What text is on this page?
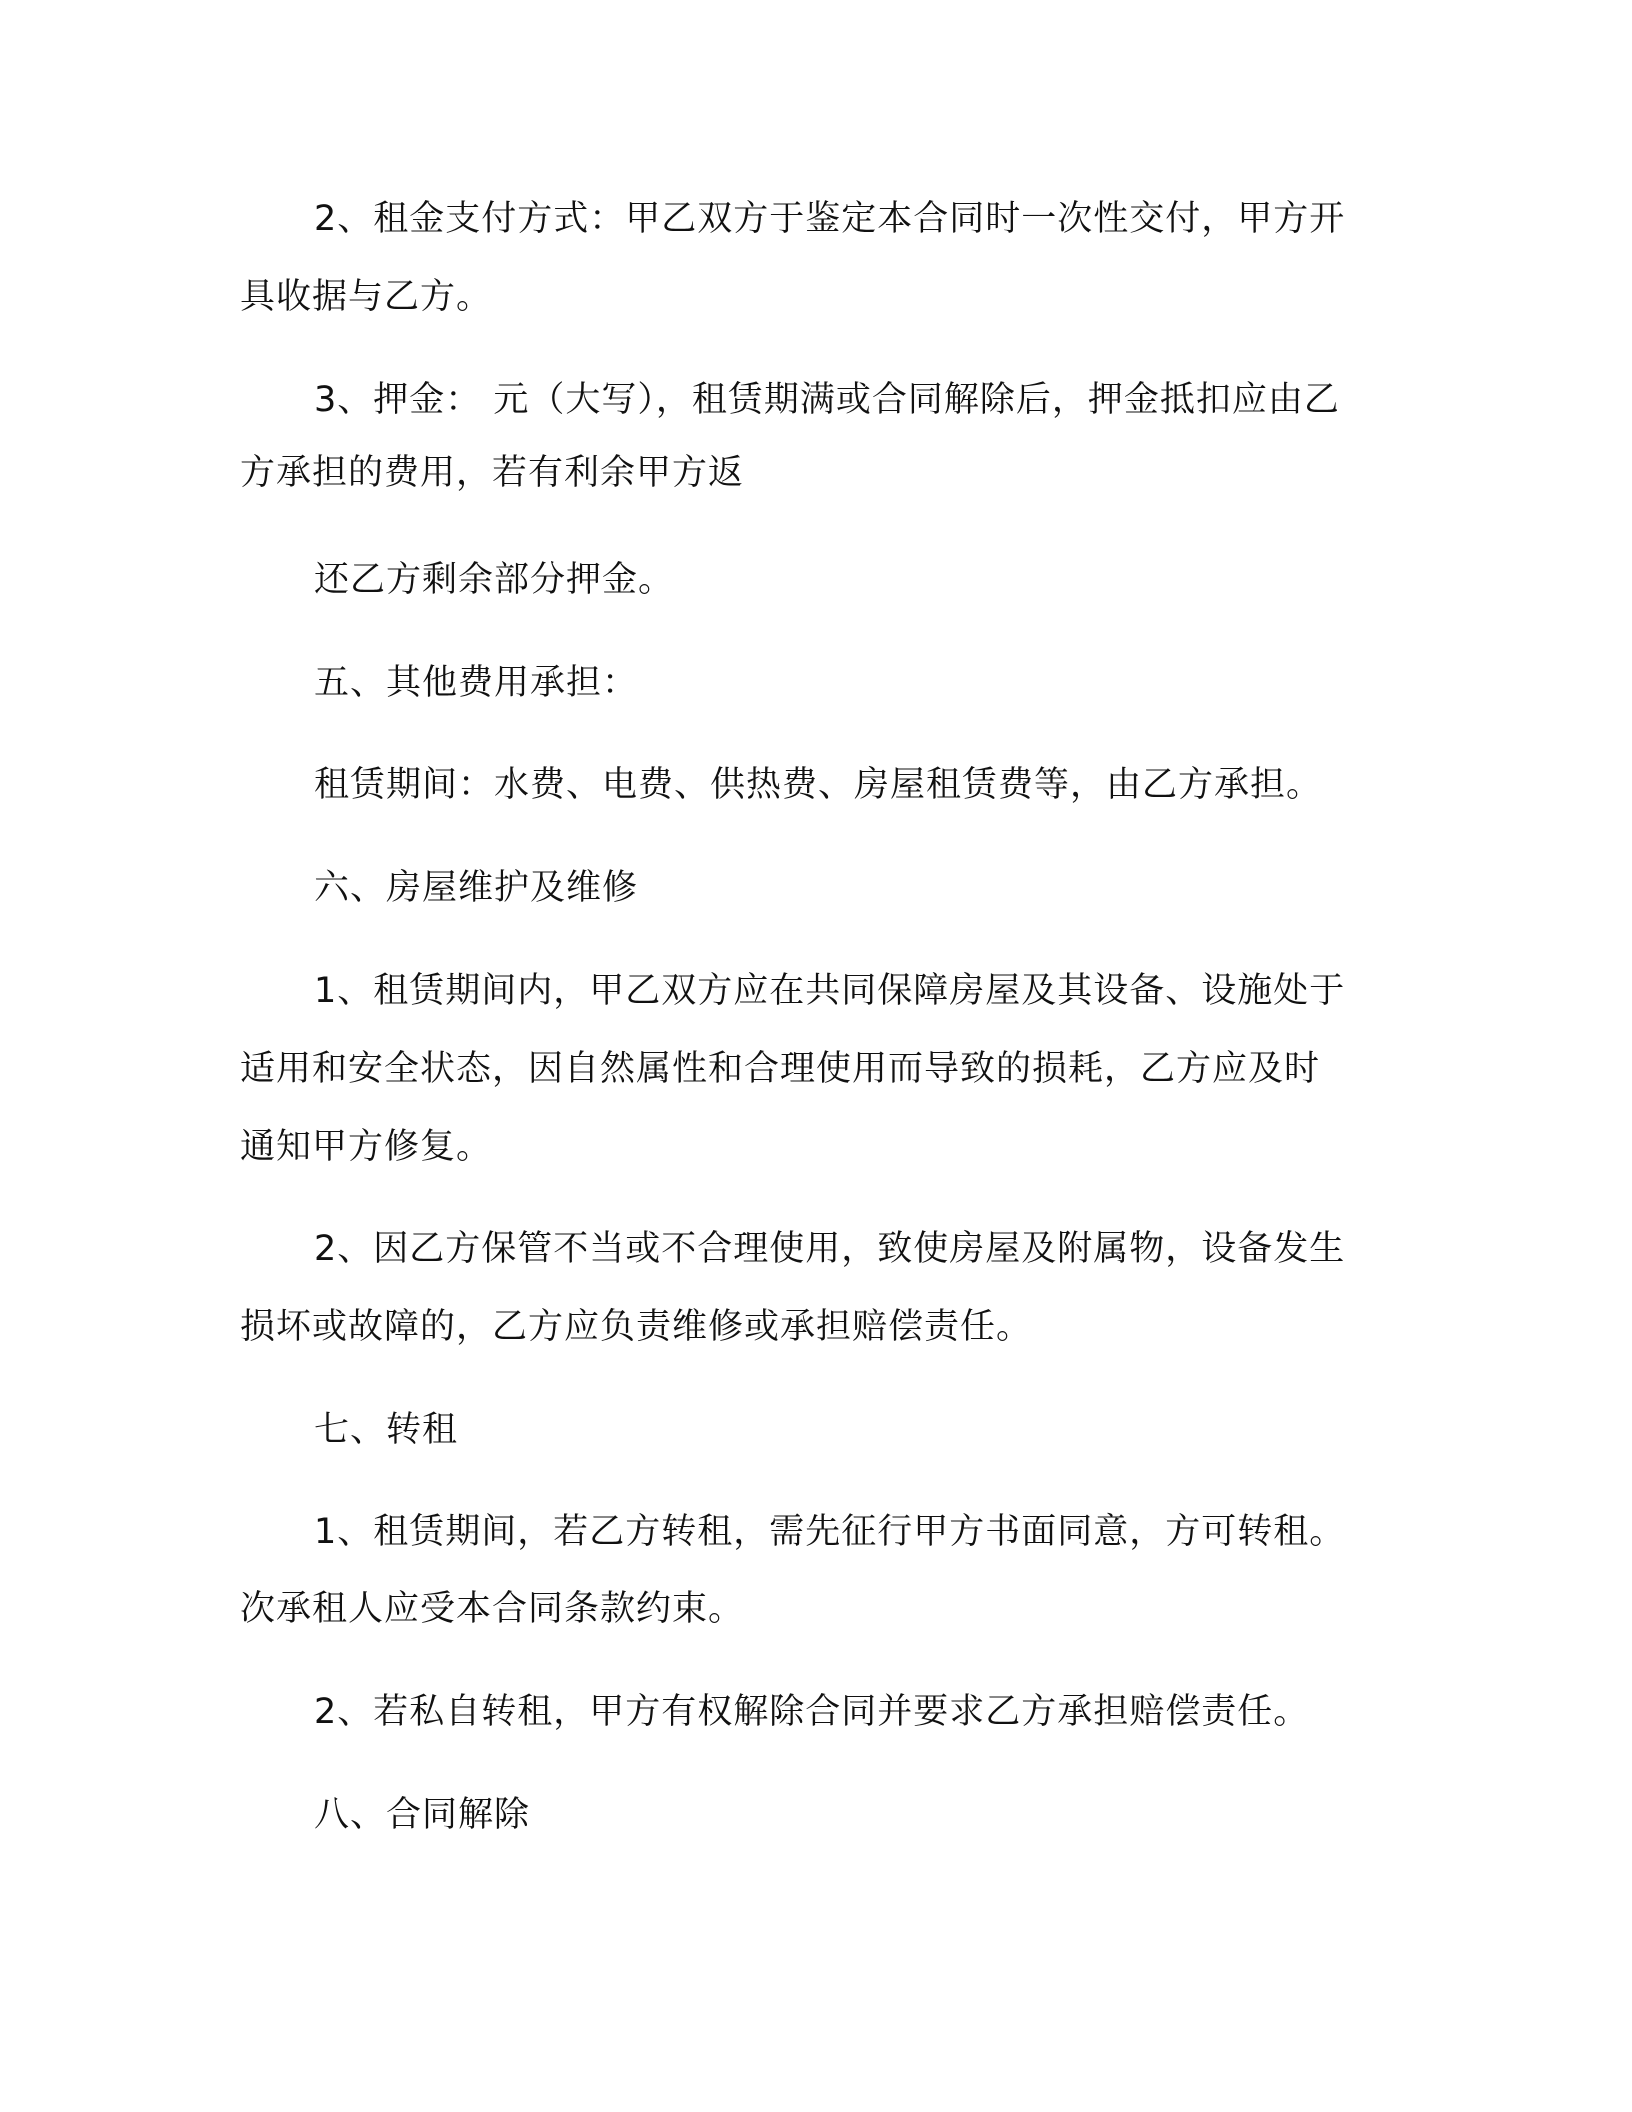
2、租金支付方式：甲乙双方于鉴定本合同时一次性交付，甲方开
具收据与乙方。
3、押金： 元（大写），租赁期满或合同解除后，押金抵扣应由乙
方承担的费用，若有利余甲方返
还乙方剩余部分押金。
五、其他费用承担：
租赁期间：水费、电费、供热费、房屋租赁费等，由乙方承担。
六、房屋维护及维修
1、租赁期间内，甲乙双方应在共同保障房屋及其设备、设施处于
适用和安全状态，因自然属性和合理使用而导致的损耗，乙方应及时
通知甲方修复。
2、因乙方保管不当或不合理使用，致使房屋及附属物，设备发生
损坏或故障的，乙方应负责维修或承担赔偿责任。
七、转租
1、租赁期间，若乙方转租，需先征行甲方书面同意，方可转租。
次承租人应受本合同条款约束。
2、若私自转租，甲方有权解除合同并要求乙方承担赔偿责任。
八、合同解除
